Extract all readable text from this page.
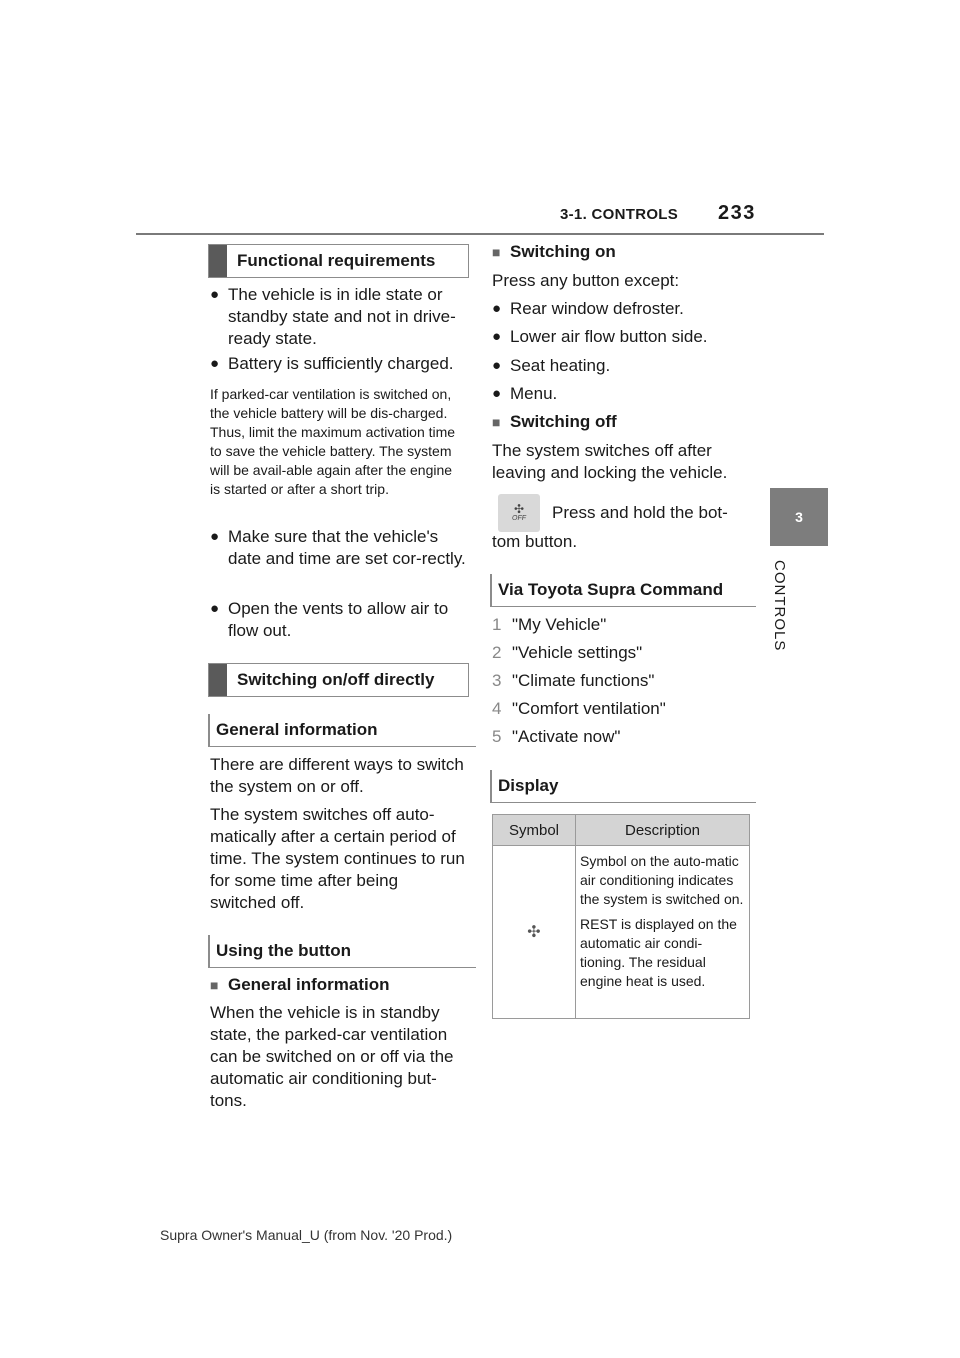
3-1. CONTROLS 233
3
CONTROLS
Functional requirements
● The vehicle is in idle state or standby state and not in drive-ready state.
● Battery is sufficiently charged.
If parked-car ventilation is switched on, the vehicle battery will be dis-charged. Thus, limit the maximum activation time to save the vehicle battery. The system will be avail-able again after the engine is started or after a short trip.
● Make sure that the vehicle's date and time are set cor-rectly.
● Open the vents to allow air to flow out.
Switching on/off directly
General information
There are different ways to switch the system on or off.
The system switches off auto-matically after a certain period of time. The system continues to run for some time after being switched off.
Using the button
■ General information
When the vehicle is in standby state, the parked-car ventilation can be switched on or off via the automatic air conditioning but-tons.
■ Switching on
Press any button except:
● Rear window defroster.
● Lower air flow button side.
● Seat heating.
● Menu.
■ Switching off
The system switches off after leaving and locking the vehicle.
✣
OFF Press and hold the bot-
tom button.
Via Toyota Supra Command
1 "My Vehicle"
2 "Vehicle settings"
3 "Climate functions"
4 "Comfort ventilation"
5 "Activate now"
Display
Symbol	Description
✣	Symbol on the auto-matic air conditioning indicates the system is switched on.
REST is displayed on the automatic air condi-tioning. The residual engine heat is used.
Supra Owner's Manual_U (from Nov. '20 Prod.)
